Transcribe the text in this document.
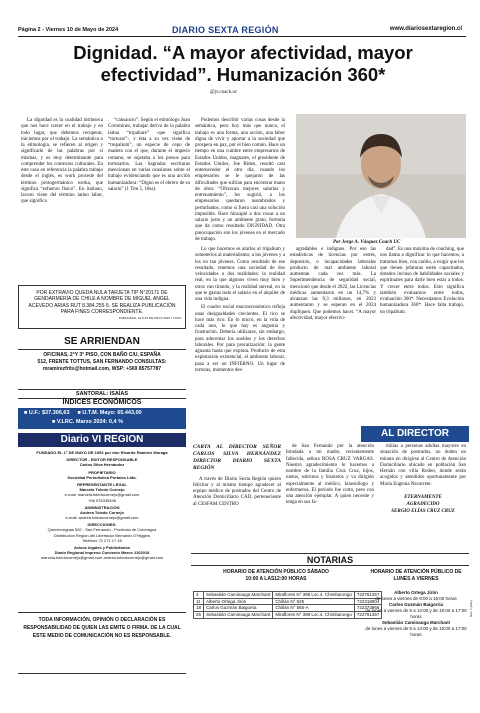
Página 2 - Viernes 10 de Mayo de 2024	DIARIO SEXTA REGIÓN	www.diariosextaregion.cl
Dignidad. “A mayor afectividad, mayor efectividad”. Humanización 360*
@jv.coach.uc

La dignidad es la cualidad intrínseca que nos hace crecer en el trabajo y en todo lugar, que debemos recuperar, iniciemos por el trabajo. La semántica o la etimología, se refieren al origen y significado de las palabras por sí mismas, y es muy determinante para comprender los contextos culturales. En este caso en referencia la palabra trabajo desde el inglés, es work procede del término protogermánico werka, que significa “esfuerzo físico”. En italiano, lavoro viene del término latino labor, que significa

“cansancio”. Según el etimólogo Joan Coromines, trabajar deriva de la palabra latina “tripaliare” -que significa “torturar”-, y ésta a su vez viene de “trepalium”, un especie de cepo de madera con el que, durante el imperio romano, se sujetaba a los presos para torturarlos. Las Sagradas escrituras mencionan en varias ocasiones sobre el trabajo evidenciando que es una acción humanizadora: “Digno es el obrero de su salario” (1 Tim 5, 18ss).

Podemos describir varias cosas desde la semántica, pero hoy más que nunca, el trabajo es una forma, una acción, una labor digna de vivir y aportar a la sociedad que prospera en paz, por el bien común. Hace un tiempo en una cumbre entre empresarios de Estados Unidos, magnates, el presidente de Estados Unidos, Joe Biden, resultó casi enternecedor el otro día, cuando los empresarios se le quejaron de las dificultades que sufrían para encontrar mano de obra: “Ofrezcan mejores salarios y entrenamiento”, les sugirió, a los empresarios quedaron asombrados y perturbados, como si fuera casi una solución imposible. Hace hincapié a dos cosas a un salario justo y un ambiente grato, formula que da como resultado DIGNIDAD. Otra preocupación son los jóvenes en el mercado de trabajo.

Por Jorge A. Vásquez Coach UC

Lo que hacemos es atarlos al tripalium y someterlos al materialismo; a los jóvenes y a los no tan jóvenes. Como resultado de ese resultado, tenemos una sociedad de dos velocidades o dos realidades: la realidad real, en la que algunos viven muy bien y otros van tirando, y la realidad surreal, en la que te gastas todo el salario en el alquiler de una vida indigna.

El cuadro social macroeconómico refleja unas desigualdades crecientes. El rico se hace más rico. En lo micro, en la vida de cada uno, lo que hay es angustia y frustración. Debería utilizarse, sin embargo, para adecentar los sueldos y los derechos laborales. Por para precarización: la gente aguanta hasta que explota. Producto de esta explotación existencial, el ambiente laboral, pasa a ser un INFIERNO. Un lugar de torturas, momentos des-

agradables e indignos. Por eso las estadísticas de licencias por estrés, depresión, o incapacidades laborales producto de mal ambiente laboral aumentan cada vez más. La Superintendencia de seguridad social, mencionó que desde el 2022, las Licencias médicas aumentaron en un 14,7% y alcanzan las 9,3 millones, en 2023 aumentaron y se esperan en el 2024 dupliquen. Que podemos hacer. “A mayor afectividad, mayor efectivi-

dad”. Es una máxima de coaching, que nos llama a dignificar lo que hacemos, a tratarnos bien, con cariño, a exigir que los que tienen jefaturas estén capacitados, dotados incluso de habilidades sociales y espirituales para darle bien estar a todos. Y crecer entre todos. Esto significa también evaluarnos entre todos, evaluación 360*. Necesitamos Evolución humanizadora 360*. Hace falta trabajo, no tripalium.

POR EXTRAVIO QUEDA NULA TARJETA TIP N°20171 DE GENDARMERÍA DE CHILE A NOMBRE DE MIGUEL ANGEL ACEVEDO ARIAS RUT 8.384.255-5. SE REALIZA PUBLICACIÓN PARA FINES CORRESPONDIENTE.
PUBLICADO: 10-6-10 DE MAYO 2024 / 71372
SE ARRIENDAN
OFICINAS, 2°Y 3° PISO, CON BAÑO C/U, ESPAÑA
512, FRENTE TOTTUS, SAN FERNANDO CONSULTAS:
mramirezfrits@hotmail.com, WSP: +569 85757787
SANTORAL: ISAÍAS
ÍNDICES ECONÓMICOS
■ U.F.: $37.306,63 ■ U.T.M. Mayo: 65.443,00
■ V.LRC. Marzo 2024: 0,4 %
Diario VI REGION
FUNDADO EL 1° DE MAYO DE 1952 por don Ricardo Ramírez Moraga
DIRECTOR - EDITOR RESPONSABLE
Carlos Silva Hernández
PROPIETARIO
Sociedad Periodística Portales Ltda.
REPRESENTANTE LEGAL
Marcela Toledo Cornejo
e-mail: marcela.toledocornejo@gmail.com
+56 976335496
ADMINISTRACIÓN
Andrea Toledo Cornejo
e-mail: andrea.toledocornejo@gmail.com
DIRECCIONES:
Quechereguas 592 - San Fernando - Provincia de Colchagua
Distribución Región del Libertador Bernardo O'Higgins
Teléfono 72 271 17 45
Avisos legales y Publicitarios
Diario Regional impreso Convenio Marco 1102018
marcela.toledocornejo@gmail.com andrea.toledocornejo@gmail.com
TODA INFORMACIÓN, OPINIÓN O DECLARACIÓN ES RESPONSABILIDAD DE QUIEN LAS EMITE O FIRMA. DE LA CUAL ESTE MEDIO DE COMUNICACIÓN NO ES RESPONSABLE.
AL DIRECTOR
CARTA AL DIRECTOR SEÑOR CARLOS SILVA HERNÁNDEZ DIRECTOR DIARIO SEXTA REGIÓN

A través de Diario Sexta Región quiero felicitar y al mismo tiempo agradecer al equipo médico de postrados del Centro de Atención Domiciliario CAD, perteneciente al CESFAM CENTRO

de San Fernando por la atención brindada a mi madre, recientemente fallecida, señora ROSA CRUZ VARGAS. Nuestro agradecimiento lo hacemos a nombre de la familia Cruz Cruz, hijos, nietos, sobrinos y bisnietos y va dirigido especialmente al médico, kinesiólogo y enfermeros. El período fue corto, pero con una atención ejemplar. A quien necesite y tenga en sus fa-

milias a personas adultas mayores en situación de postrados, no duden un minuto en dirigirse al Centro de Atención Domiciliario ubicado en población San Hernán con villa Rodeo, donde serán acogidos y atendidos oportunamente por María Eugenia Navarrete.

ETERNAMENTE
AGRADECIDO
SERGIO ELÍAS CRUZ CRUZ
NOTARIAS
HORARIO DE ATENCIÓN PÚBLICO SÁBADO
10:00 A LAS12:00 HORAS
4	Sebastián Caminauga Marchant	Miraflores N° 398 Loc.4, Chimbarongo	722761357
11	Alberto Ortega Jirón	Chillán N° 625	722318804
18	Carlos Guzmán Baigorria	Chillán N° 565-A	722373966
25	Sebastián Caminauga Marchant	Miraflores N° 398 Loc.4, Chimbarongo	722761357
HORARIO DE ATENCIÓN PÚBLICO DE
LUNES A VIERNES
Alberto Ortega Jirón
de lunes a viernes de 9:00 a 15:00 horas
Carlos Guzmán Baigorria
de lunes a viernes de 9 a 14:00 y de 15:00 a 17:00 horas
Sebastián Caminauga Marchant
de lunes a viernes de 9 a 14:00 y de 15:00 a 17:00 horas
Nec. 1 (Rev)
